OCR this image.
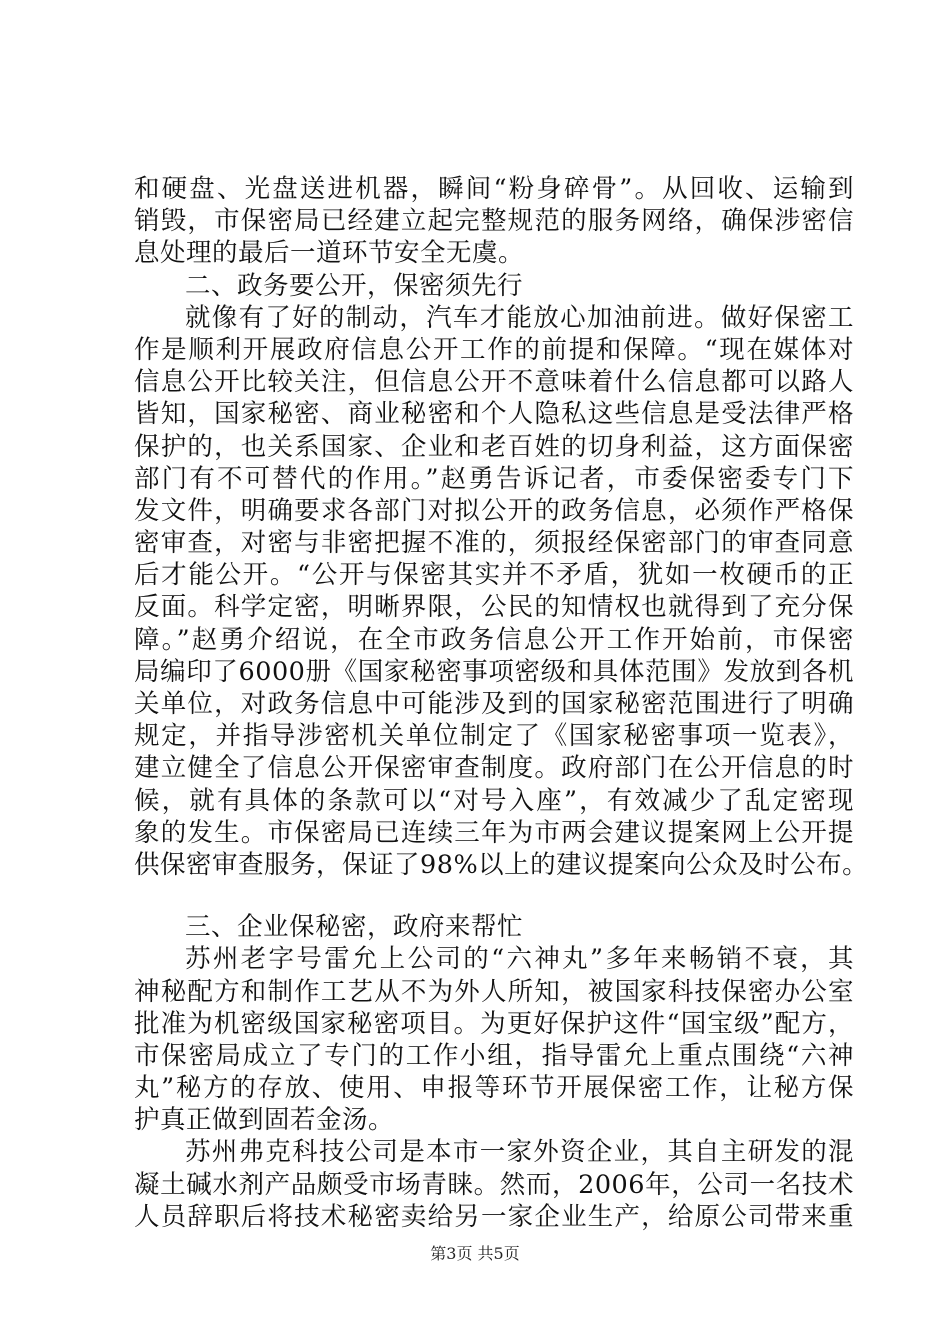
和硬盘、光盘送进机器，瞬间“粉身碎骨”。从回收、运输到
销毁，市保密局已经建立起完整规范的服务网络，确保涉密信
息处理的最后一道环节安全无虞。
二、政务要公开，保密须先行
就像有了好的制动，汽车才能放心加油前进。做好保密工
作是顺利开展政府信息公开工作的前提和保障。“现在媒体对
信息公开比较关注，但信息公开不意味着什么信息都可以路人
皆知，国家秘密、商业秘密和个人隐私这些信息是受法律严格
保护的，也关系国家、企业和老百姓的切身利益，这方面保密
部门有不可替代的作用。”赵勇告诉记者，市委保密委专门下
发文件，明确要求各部门对拟公开的政务信息，必须作严格保
密审查，对密与非密把握不准的，须报经保密部门的审查同意
后才能公开。“公开与保密其实并不矛盾，犹如一枚硬币的正
反面。科学定密，明晰界限，公民的知情权也就得到了充分保
障。”赵勇介绍说，在全市政务信息公开工作开始前，市保密
局编印了6000册《国家秘密事项密级和具体范围》发放到各机
关单位，对政务信息中可能涉及到的国家秘密范围进行了明确
规定，并指导涉密机关单位制定了《国家秘密事项一览表》，
建立健全了信息公开保密审查制度。政府部门在公开信息的时
候，就有具体的条款可以“对号入座”，有效减少了乱定密现
象的发生。市保密局已连续三年为市两会建议提案网上公开提
供保密审查服务，保证了98%以上的建议提案向公众及时公布。
三、企业保秘密，政府来帮忙
苏州老字号雷允上公司的“六神丸”多年来畅销不衰，其
神秘配方和制作工艺从不为外人所知，被国家科技保密办公室
批准为机密级国家秘密项目。为更好保护这件“国宝级”配方，
市保密局成立了专门的工作小组，指导雷允上重点围绕“六神
丸”秘方的存放、使用、申报等环节开展保密工作，让秘方保
护真正做到固若金汤。
苏州弗克科技公司是本市一家外资企业，其自主研发的混
凝土碱水剂产品颇受市场青睐。然而，2006年，公司一名技术
人员辞职后将技术秘密卖给另一家企业生产，给原公司带来重
第3页 共5页
